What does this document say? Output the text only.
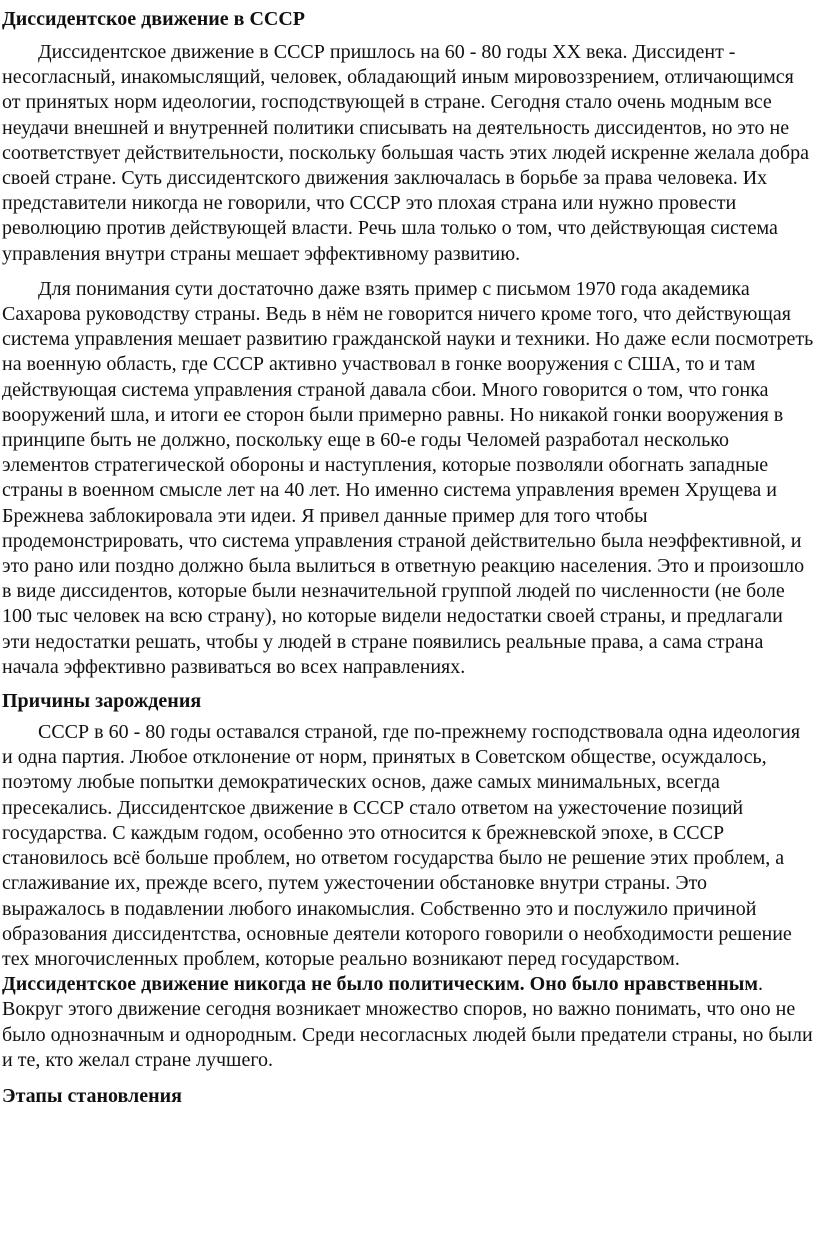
Диссидентское движение в СССР

Диссидентское движение в СССР пришлось на 60 - 80 годы XX века. Диссидент - несогласный, инакомыслящий, человек, обладающий иным мировоззрением, отличающимся от принятых норм идеологии, господствующей в стране. Сегодня стало очень модным все неудачи внешней и внутренней политики списывать на деятельность диссидентов, но это не соответствует действительности, поскольку большая часть этих людей искренне желала добра своей стране. Суть диссидентского движения заключалась в борьбе за права человека. Их представители никогда не говорили, что СССР это плохая страна или нужно провести революцию против действующей власти. Речь шла только о том, что действующая система управления внутри страны мешает эффективному развитию.

Для понимания сути достаточно даже взять пример с письмом 1970 года академика Сахарова руководству страны. Ведь в нём не говорится ничего кроме того, что действующая система управления мешает развитию гражданской науки и техники. Но даже если посмотреть на военную область, где СССР активно участвовал в гонке вооружения с США, то и там действующая система управления страной давала сбои. Много говорится о том, что гонка вооружений шла, и итоги ее сторон были примерно равны. Но никакой гонки вооружения в принципе быть не должно, поскольку еще в 60-е годы Челомей разработал несколько элементов стратегической обороны и наступления, которые позволяли обогнать западные страны в военном смысле лет на 40 лет. Но именно система управления времен Хрущева и Брежнева заблокировала эти идеи. Я привел данные пример для того чтобы продемонстрировать, что система управления страной действительно была неэффективной, и это рано или поздно должно была вылиться в ответную реакцию населения. Это и произошло в виде диссидентов, которые были незначительной группой людей по численности (не боле 100 тыс человек на всю страну), но которые видели недостатки своей страны, и предлагали эти недостатки решать, чтобы у людей в стране появились реальные права, а сама страна начала эффективно развиваться во всех направлениях.

Причины зарождения

СССР в 60 - 80 годы оставался страной, где по-прежнему господствовала одна идеология и одна партия. Любое отклонение от норм, принятых в Советском обществе, осуждалось, поэтому любые попытки демократических основ, даже самых минимальных, всегда пресекались. Диссидентское движение в СССР стало ответом на ужесточение позиций государства. С каждым годом, особенно это относится к брежневской эпохе, в СССР становилось всё больше проблем, но ответом государства было не решение этих проблем, а сглаживание их, прежде всего, путем ужесточении обстановке внутри страны. Это выражалось в подавлении любого инакомыслия. Собственно это и послужило причиной образования диссидентства, основные деятели которого говорили о необходимости решение тех многочисленных проблем, которые реально возникают перед государством.

Диссидентское движение никогда не было политическим. Оно было нравственным. Вокруг этого движение сегодня возникает множество споров, но важно понимать, что оно не было однозначным и однородным. Среди несогласных людей были предатели страны, но были и те, кто желал стране лучшего.

Этапы становления
